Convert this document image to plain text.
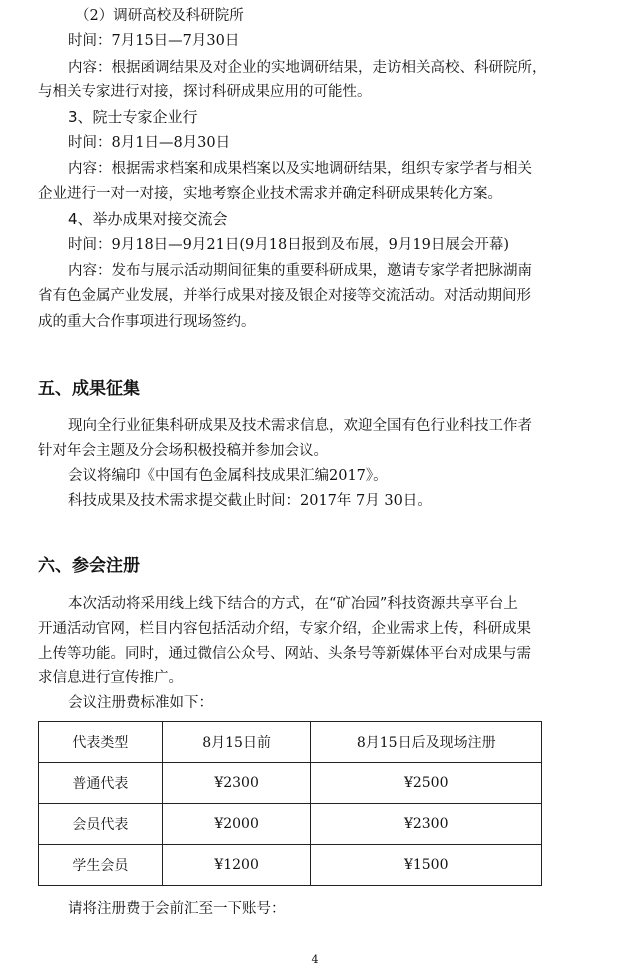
（2）调研高校及科研院所
时间：7月15日—7月30日
内容：根据函调结果及对企业的实地调研结果，走访相关高校、科研院所，
与相关专家进行对接，探讨科研成果应用的可能性。
3、院士专家企业行
时间：8月1日—8月30日
内容：根据需求档案和成果档案以及实地调研结果，组织专家学者与相关
企业进行一对一对接，实地考察企业技术需求并确定科研成果转化方案。
4、举办成果对接交流会
时间：9月18日—9月21日(9月18日报到及布展，9月19日展会开幕)
内容：发布与展示活动期间征集的重要科研成果，邀请专家学者把脉湖南
省有色金属产业发展，并举行成果对接及银企对接等交流活动。对活动期间形
成的重大合作事项进行现场签约。
五、成果征集
现向全行业征集科研成果及技术需求信息，欢迎全国有色行业科技工作者
针对年会主题及分会场积极投稿并参加会议。
会议将编印《中国有色金属科技成果汇编2017》。
科技成果及技术需求提交截止时间：2017年 7月 30日。
六、参会注册
本次活动将采用线上线下结合的方式，在“矿冶园”科技资源共享平台上
开通活动官网，栏目内容包括活动介绍，专家介绍，企业需求上传，科研成果
上传等功能。同时，通过微信公众号、网站、头条号等新媒体平台对成果与需
求信息进行宣传推广。
会议注册费标准如下：
代表类型	8月15日前	8月15日后及现场注册
普通代表	¥2300	¥2500
会员代表	¥2000	¥2300
学生会员	¥1200	¥1500
请将注册费于会前汇至一下账号：
4
